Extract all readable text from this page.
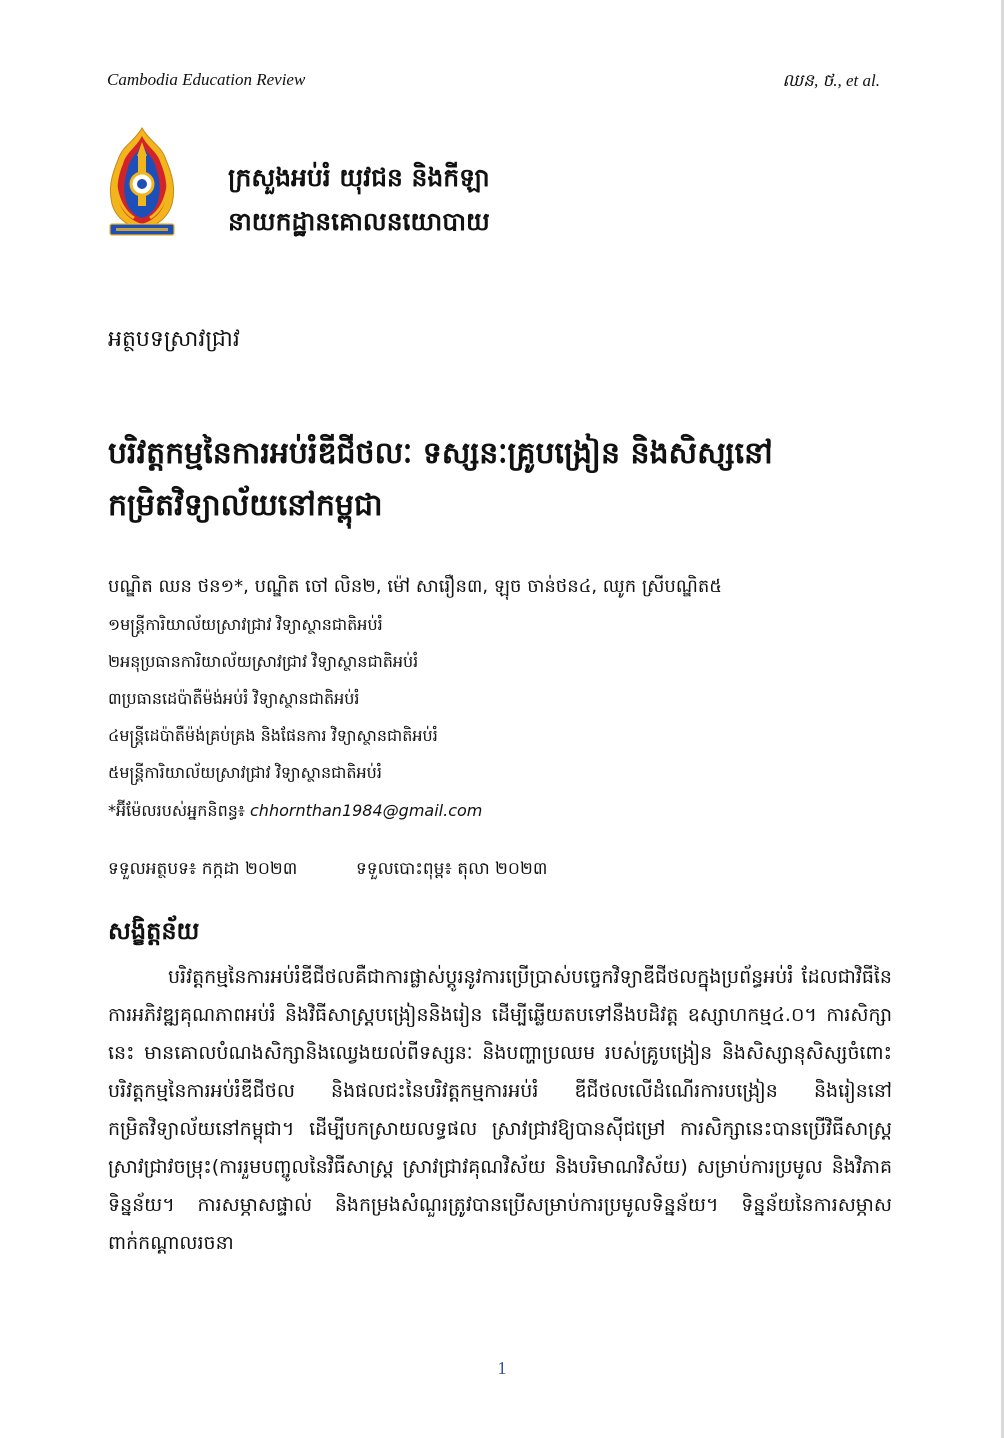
Cambodia Education Review	ឈន, ថ., et al.
ក្រសួងអប់រំ យុវជន និងកីឡា
នាយកដ្ឋានគោលនយោបាយ
អត្ថបទស្រាវជ្រាវ
បរិវត្តកម្មនៃការអប់រំឌីជីថលៈ ទស្សនៈគ្រូបង្រៀន និងសិស្សនៅ
កម្រិតវិទ្យាល័យនៅកម្ពុជា
បណ្ឌិត ឈន ថន១*, បណ្ឌិត ចៅ លិន២, ម៉ៅ សារឿន៣, ឡុច ចាន់ថន៤, ឈូក ស្រីបណ្ឌិត៥
១មន្ត្រីការិយាល័យស្រាវជ្រាវ វិទ្យាស្ថានជាតិអប់រំ
២អនុប្រធានការិយាល័យស្រាវជ្រាវ វិទ្យាស្ថានជាតិអប់រំ
៣ប្រធានដេប៉ាតឺម៉ង់អប់រំ វិទ្យាស្ថានជាតិអប់រំ
៤មន្ត្រីដេប៉ាតឺម៉ង់គ្រប់គ្រង និងផែនការ វិទ្យាស្ថានជាតិអប់រំ
៥មន្ត្រីការិយាល័យស្រាវជ្រាវ វិទ្យាស្ថានជាតិអប់រំ
*អ៊ីម៉ែលរបស់អ្នកនិពន្ធ៖ chhornthan1984@gmail.com
ទទួលអត្ថបទ៖ កក្កដា ២០២៣	ទទួលបោះពុម្ព៖ តុលា ២០២៣
សង្ខិត្តន័យ

បរិវត្តកម្មនៃការអប់រំឌីជីថលគឺជាការផ្លាស់ប្ដូរនូវការប្រើប្រាស់បច្ចេកវិទ្យាឌីជីថលក្នុងប្រព័ន្ធអប់រំ ដែលជាវិធីនៃការអភិវឌ្ឍគុណភាពអប់រំ និងវិធីសាស្ត្របង្រៀននិងរៀន ដើម្បីឆ្លើយតបទៅនឹងបដិវត្ត ឧស្សាហកម្ម៤.០។ ការសិក្សានេះ មានគោលបំណងសិក្សានិងឈ្វេងយល់ពីទស្សនៈ និងបញ្ហាប្រឈម របស់គ្រូបង្រៀន និងសិស្សានុសិស្សចំពោះបរិវត្តកម្មនៃការអប់រំឌីជីថល និងផលជះនៃបរិវត្តកម្មការអប់រំ ឌីជីថលលើដំណើរការបង្រៀន និងរៀននៅកម្រិតវិទ្យាល័យនៅកម្ពុជា។ ដើម្បីបកស្រាយលទ្ធផល ស្រាវជ្រាវឱ្យបានស៊ីជម្រៅ ការសិក្សានេះបានប្រើវិធីសាស្ត្រស្រាវជ្រាវចម្រុះ(ការរួមបញ្ចូលនៃវិធីសាស្ត្រ ស្រាវជ្រាវគុណវិស័យ និងបរិមាណវិស័យ) សម្រាប់ការប្រមូល និងវិភាគទិន្នន័យ។ ការសម្ភាសផ្ទាល់ និងកម្រងសំណួរត្រូវបានប្រើសម្រាប់ការប្រមូលទិន្នន័យ។ ទិន្នន័យនៃការសម្ភាសពាក់កណ្ដាលរចនា

1
